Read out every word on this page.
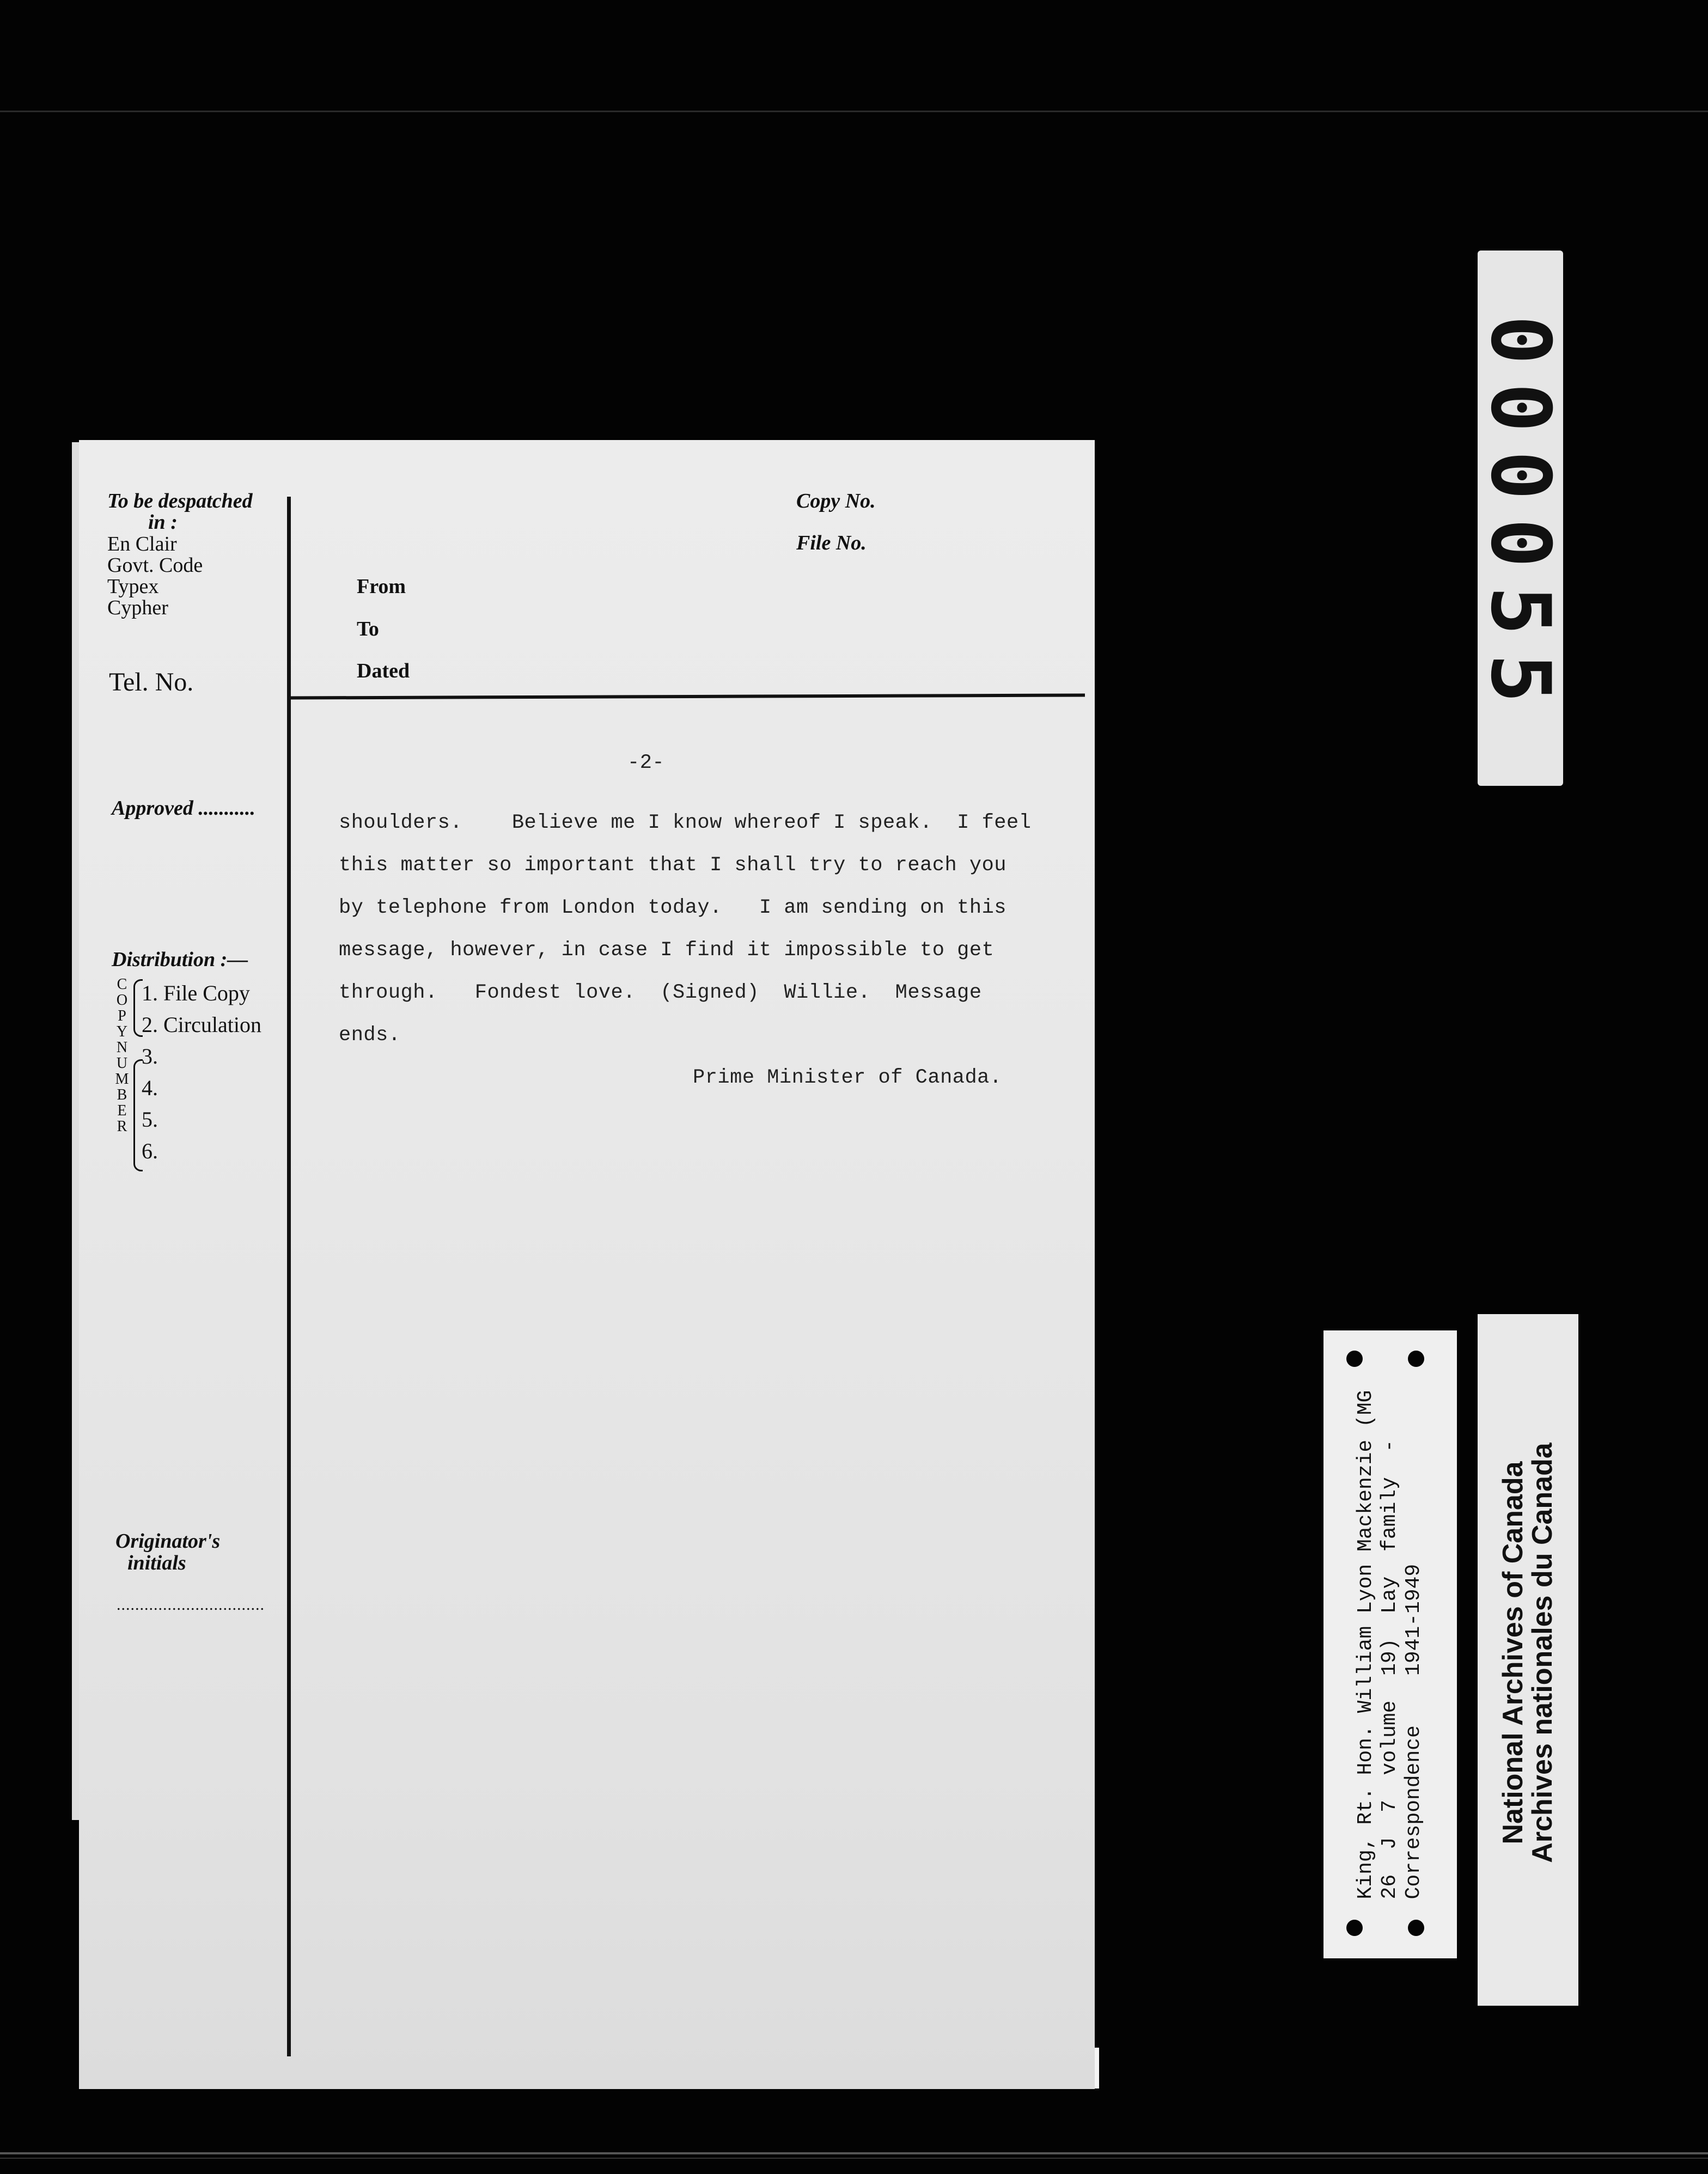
To be despatched
in :
En Clair
Govt. Code
Typex
Cypher
Tel. No.
Approved ...........
Distribution :—
C
O
P
Y
N
U
M
B
E
R
1. File Copy
2. Circulation
3.
4.
5.
6.
Originator's
initials
................................
Copy No.
File No.
From
To
Dated
-2-
shoulders.    Believe me I know whereof I speak.  I feel
this matter so important that I shall try to reach you
by telephone from London today.   I am sending on this
message, however, in case I find it impossible to get
through.   Fondest love.  (Signed)  Willie.  Message
ends.
Prime Minister of Canada.
000055
King, Rt. Hon. William Lyon Mackenzie (MG 26  J  7  volume  19)  Lay  family  - Correspondence    1941-1949	National Archives of Canada
Archives nationales du Canada
